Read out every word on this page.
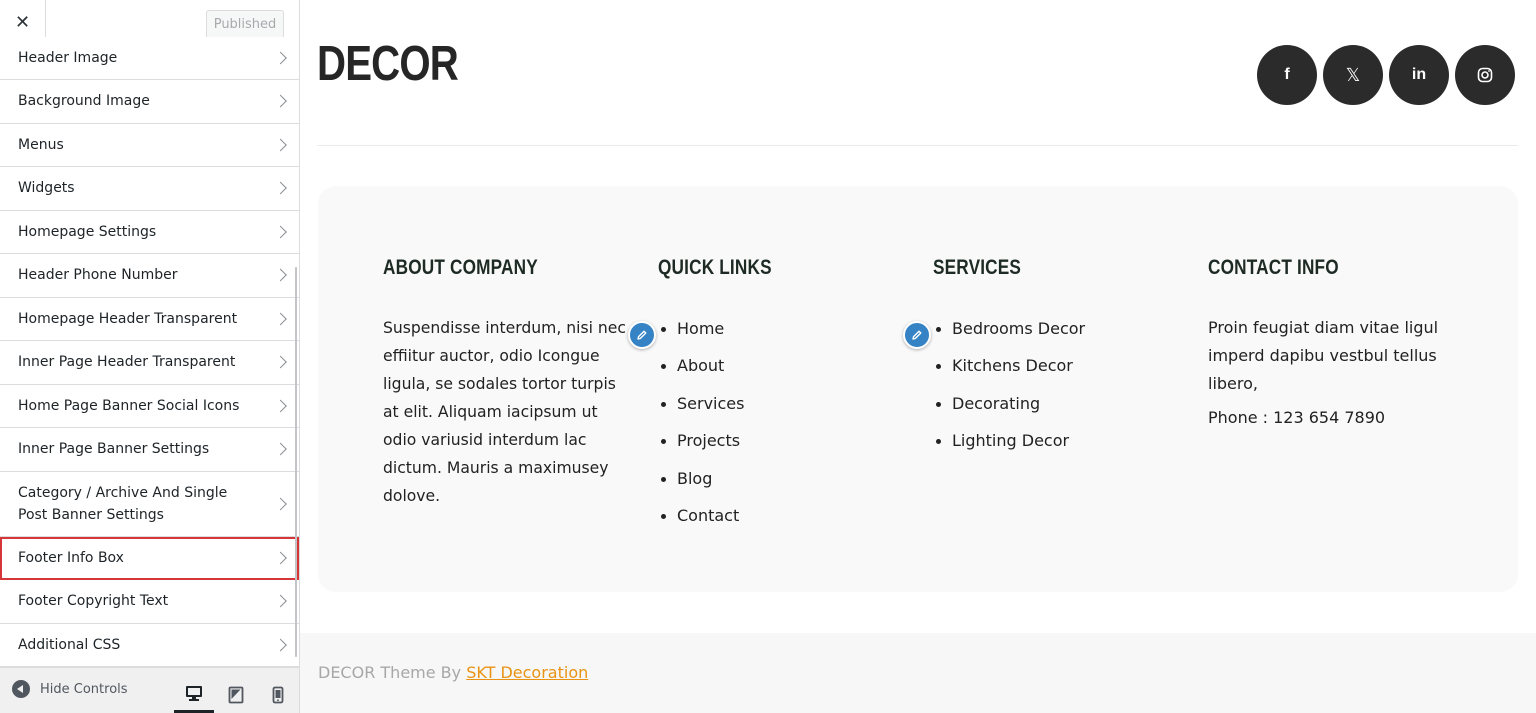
✕	Published
Header Image
Background Image
Menus
Widgets
Homepage Settings
Header Phone Number
Homepage Header Transparent
Inner Page Header Transparent
Home Page Banner Social Icons
Inner Page Banner Settings
Category / Archive And Single Post Banner Settings
Footer Info Box
Footer Copyright Text
Additional CSS
Hide Controls
DECOR	f	𝕏	in
ABOUT COMPANY

Suspendisse interdum, nisi nec effiitur auctor, odio Icongue ligula, se sodales tortor turpis at elit. Aliquam iacipsum ut odio variusid interdum lac dictum. Mauris a maximusey dolove.

QUICK LINKS
Home
About
Services
Projects
Blog
Contact
SERVICES
Bedrooms Decor
Kitchens Decor
Decorating
Lighting Decor
CONTACT INFO

Proin feugiat diam vitae ligul imperd dapibu vestbul tellus libero,

Phone : 123 654 7890

DECOR Theme By SKT Decoration
